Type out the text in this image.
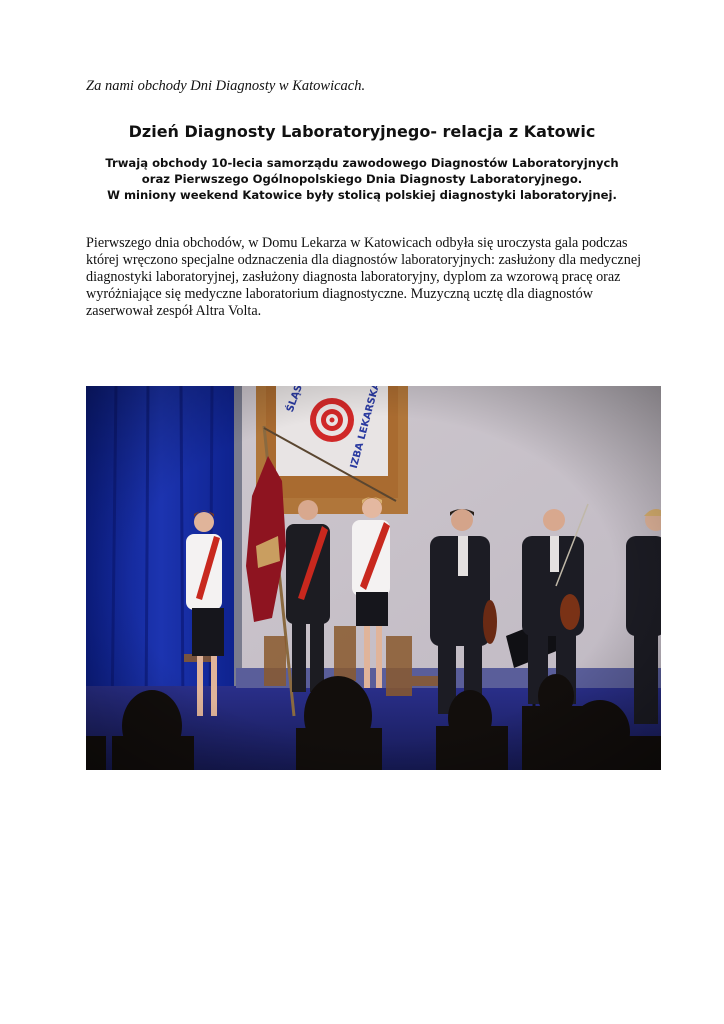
Za nami obchody Dni Diagnosty w Katowicach.

Dzień Diagnosty Laboratoryjnego- relacja z Katowic
Trwają obchody 10-lecia samorządu zawodowego Diagnostów Laboratoryjnych
oraz Pierwszego Ogólnopolskiego Dnia Diagnosty Laboratoryjnego.
W miniony weekend Katowice były stolicą polskiej diagnostyki laboratoryjnej.

Pierwszego dnia obchodów, w Domu Lekarza w Katowicach odbyła się uroczysta gala podczas której wręczono specjalne odznaczenia dla diagnostów laboratoryjnych: zasłużony dla medycznej diagnostyki laboratoryjnej, zasłużony diagnosta laboratoryjny, dyplom za wzorową pracę oraz wyróżniające się medyczne laboratorium diagnostyczne. Muzyczną ucztę dla diagnostów zaserwował zespół Altra Volta.
